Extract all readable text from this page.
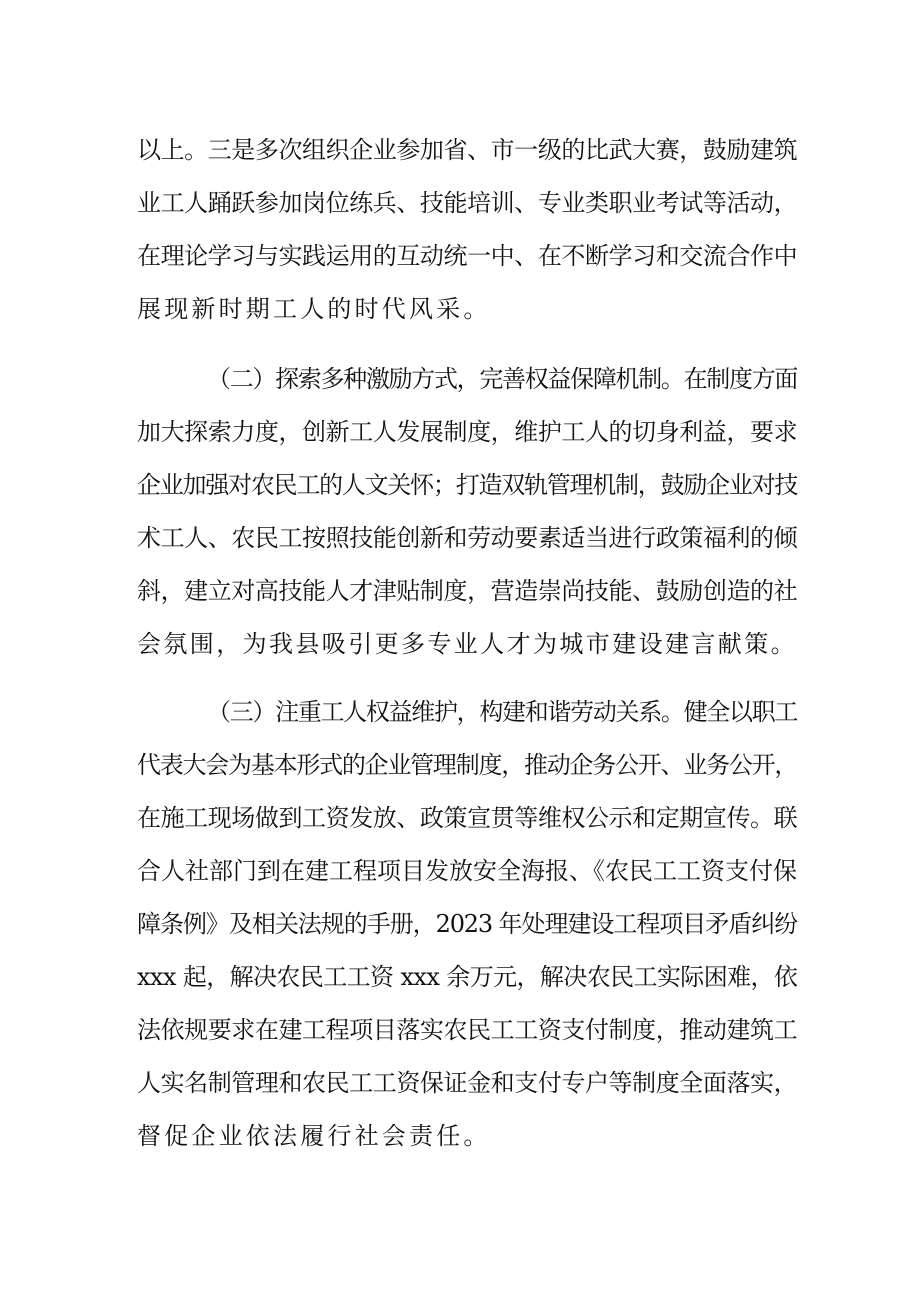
以上。三是多次组织企业参加省、市一级的比武大赛，鼓励建筑
业工人踊跃参加岗位练兵、技能培训、专业类职业考试等活动，
在理论学习与实践运用的互动统一中、在不断学习和交流合作中
展现新时期工人的时代风采。

（二）探索多种激励方式，完善权益保障机制。在制度方面
加大探索力度，创新工人发展制度，维护工人的切身利益，要求
企业加强对农民工的人文关怀；打造双轨管理机制，鼓励企业对技
术工人、农民工按照技能创新和劳动要素适当进行政策福利的倾
斜，建立对高技能人才津贴制度，营造崇尚技能、鼓励创造的社
会氛围，为我县吸引更多专业人才为城市建设建言献策。

（三）注重工人权益维护，构建和谐劳动关系。健全以职工
代表大会为基本形式的企业管理制度，推动企务公开、业务公开，
在施工现场做到工资发放、政策宣贯等维权公示和定期宣传。联
合人社部门到在建工程项目发放安全海报、《农民工工资支付保
障条例》及相关法规的手册，2023 年处理建设工程项目矛盾纠纷
xxx 起，解决农民工工资 xxx 余万元，解决农民工实际困难，依
法依规要求在建工程项目落实农民工工资支付制度，推动建筑工
人实名制管理和农民工工资保证金和支付专户等制度全面落实，
督促企业依法履行社会责任。
